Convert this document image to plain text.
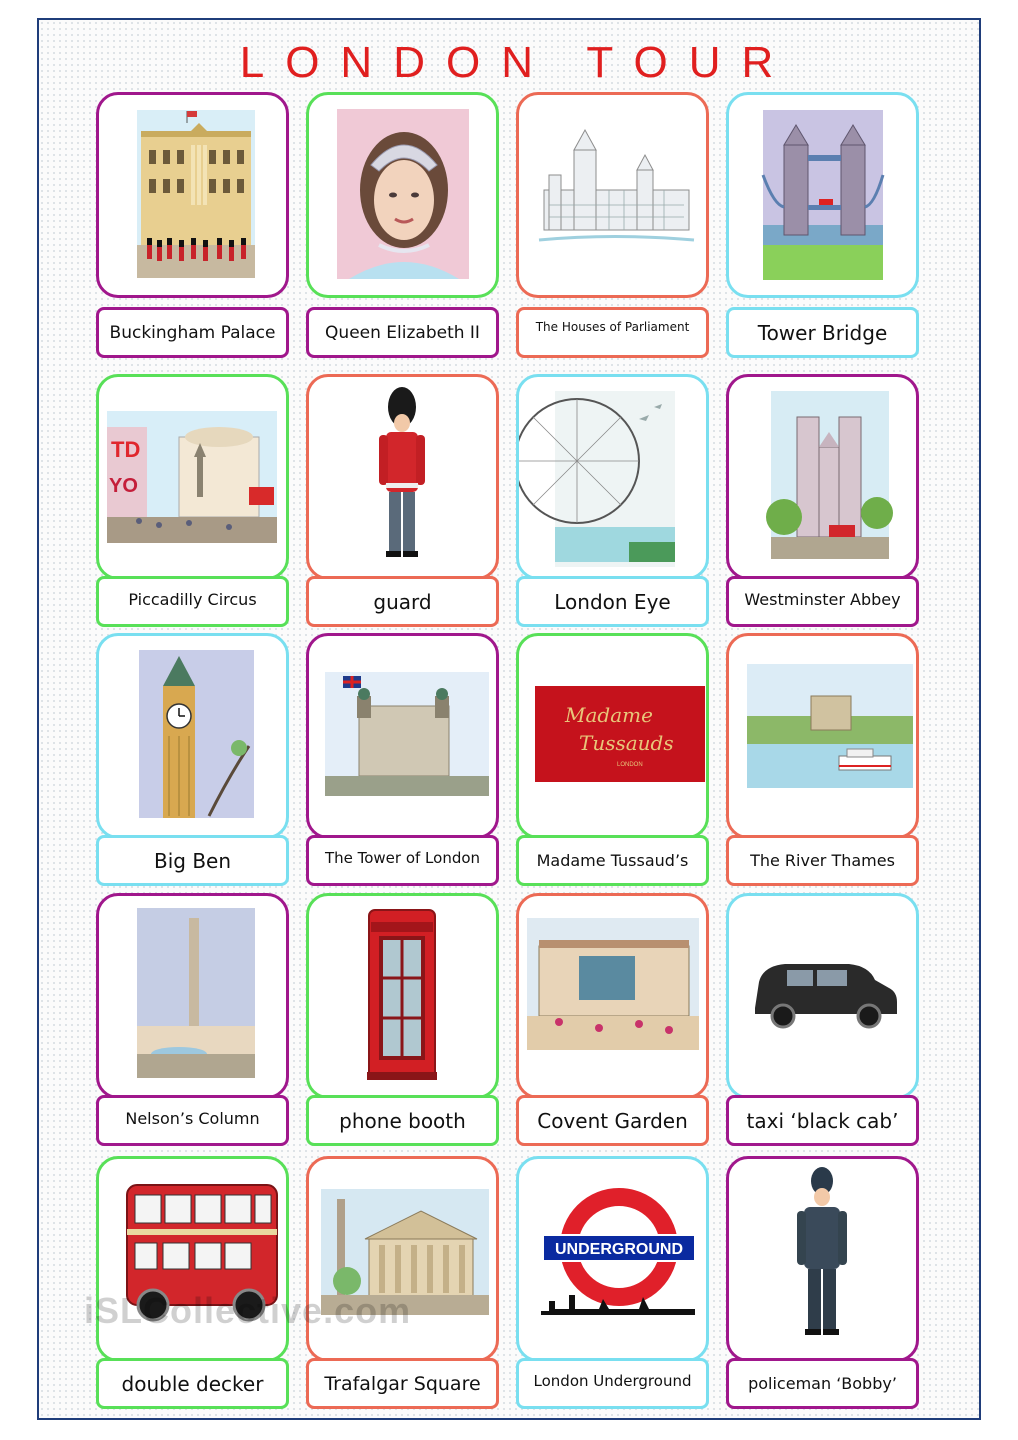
LONDON TOUR
Buckingham Palace	Queen Elizabeth II	The Houses of Parliament	Tower Bridge
TD
YO
Piccadilly Circus	guard	London Eye	Westminster Abbey
Madame
Tussauds
LONDON
Big Ben	The Tower of London	Madame Tussaud’s	The River Thames
Nelson’s Column	phone booth	Covent Garden	taxi ‘black cab’
UNDERGROUND
double decker	Trafalgar Square	London Underground	policeman ‘Bobby’
iSLCollective.com
